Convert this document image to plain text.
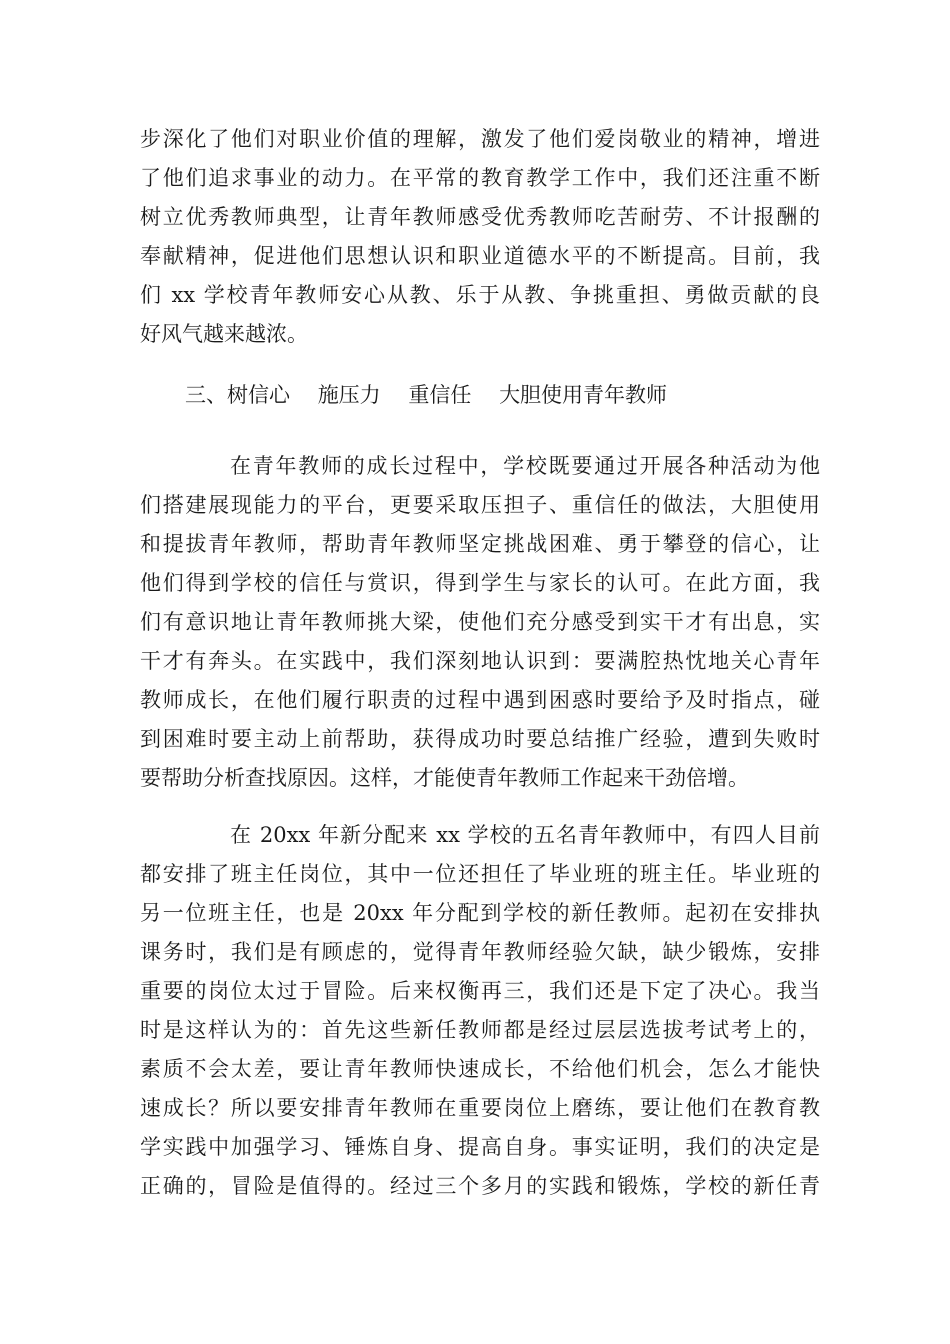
步深化了他们对职业价值的理解，激发了他们爱岗敬业的精神，增进
了他们追求事业的动力。在平常的教育教学工作中，我们还注重不断
树立优秀教师典型，让青年教师感受优秀教师吃苦耐劳、不计报酬的
奉献精神，促进他们思想认识和职业道德水平的不断提高。目前，我
们 xx 学校青年教师安心从教、乐于从教、争挑重担、勇做贡献的良
好风气越来越浓。
三、树信心 施压力 重信任 大胆使用青年教师
在青年教师的成长过程中，学校既要通过开展各种活动为他
们搭建展现能力的平台，更要采取压担子、重信任的做法，大胆使用
和提拔青年教师，帮助青年教师坚定挑战困难、勇于攀登的信心，让
他们得到学校的信任与赏识，得到学生与家长的认可。在此方面，我
们有意识地让青年教师挑大梁，使他们充分感受到实干才有出息，实
干才有奔头。在实践中，我们深刻地认识到：要满腔热忱地关心青年
教师成长，在他们履行职责的过程中遇到困惑时要给予及时指点，碰
到困难时要主动上前帮助，获得成功时要总结推广经验，遭到失败时
要帮助分析查找原因。这样，才能使青年教师工作起来干劲倍增。
在 20xx 年新分配来 xx 学校的五名青年教师中，有四人目前
都安排了班主任岗位，其中一位还担任了毕业班的班主任。毕业班的
另一位班主任，也是 20xx 年分配到学校的新任教师。起初在安排执
课务时，我们是有顾虑的，觉得青年教师经验欠缺，缺少锻炼，安排
重要的岗位太过于冒险。后来权衡再三，我们还是下定了决心。我当
时是这样认为的：首先这些新任教师都是经过层层选拔考试考上的，
素质不会太差，要让青年教师快速成长，不给他们机会，怎么才能快
速成长？所以要安排青年教师在重要岗位上磨练，要让他们在教育教
学实践中加强学习、锤炼自身、提高自身。事实证明，我们的决定是
正确的，冒险是值得的。经过三个多月的实践和锻炼，学校的新任青
